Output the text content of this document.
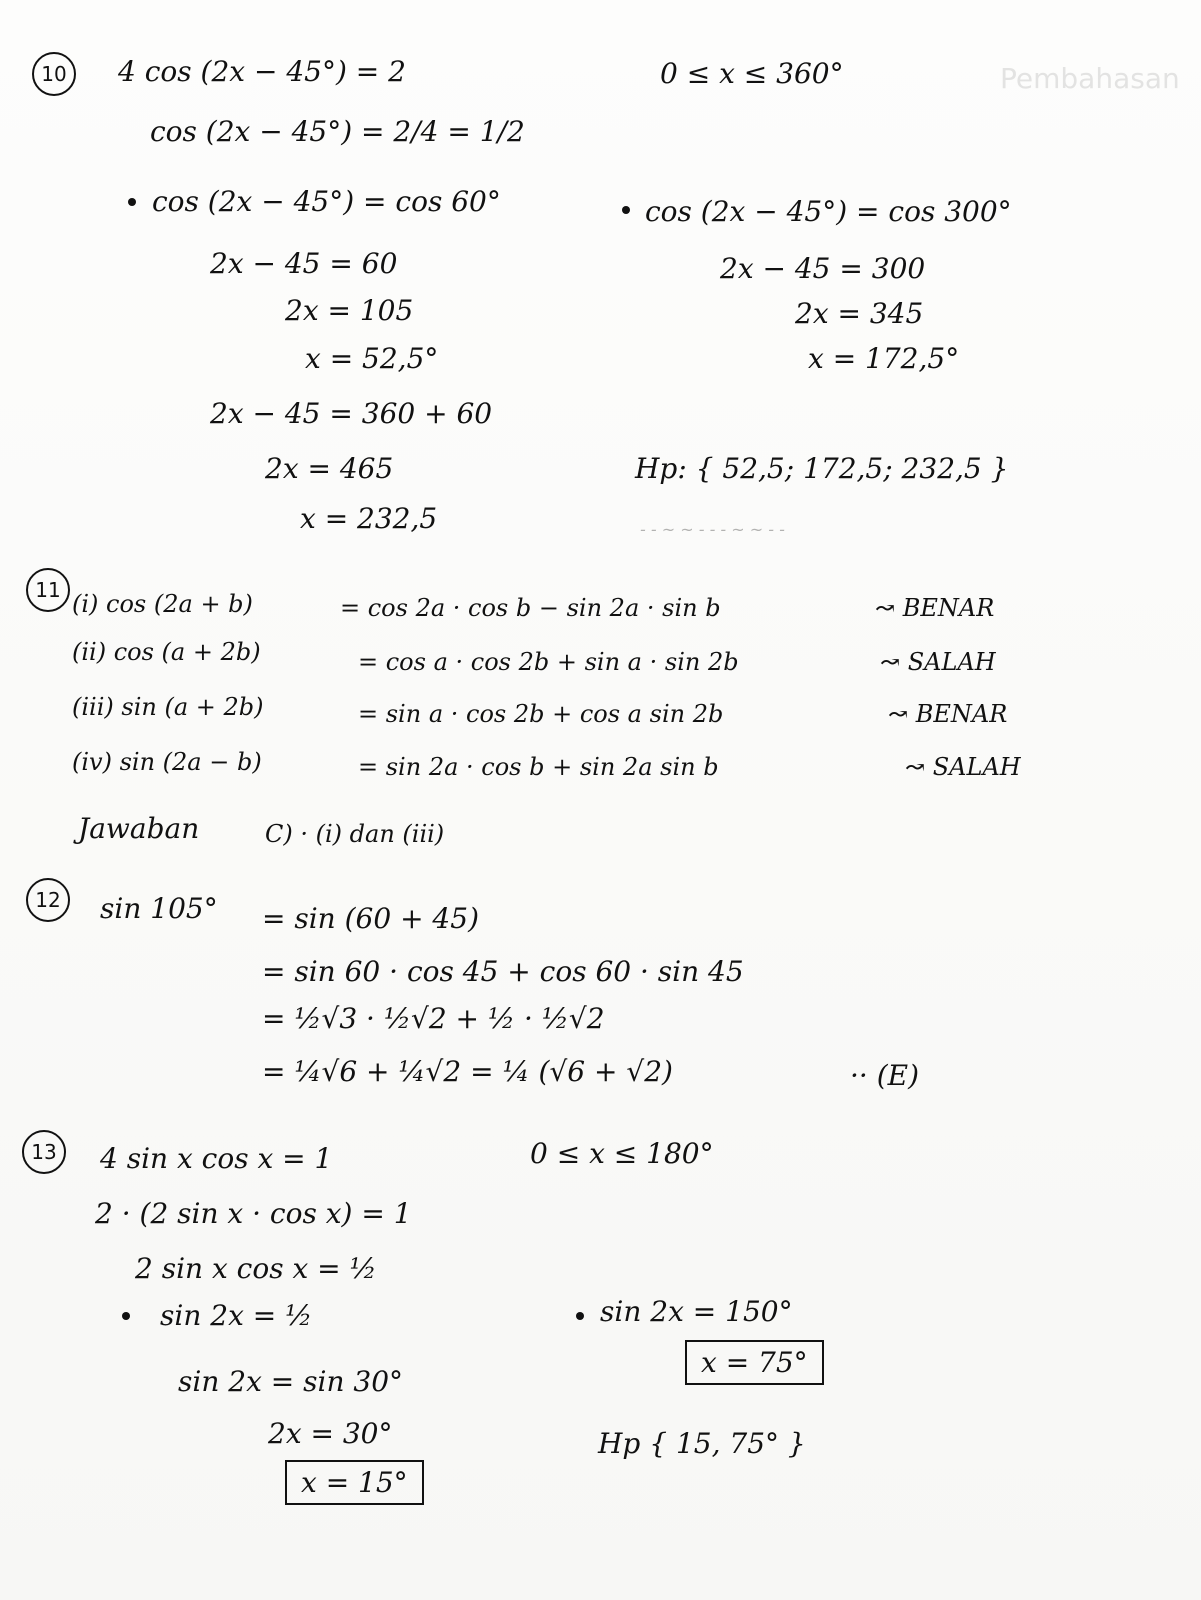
Pembahasan
10 4 cos (2x − 45°) = 2	0 ≤ x ≤ 360°
cos (2x − 45°) = 2/4 = 1/2
cos (2x − 45°) = cos 60°
2x − 45 = 60
2x = 105
x = 52,5°
cos (2x − 45°) = cos 300°
2x − 45 = 300
2x = 345
x = 172,5°
2x − 45 = 360 + 60
2x = 465
x = 232,5
Hp: { 52,5; 172,5; 232,5 }
- - ~ ~ - - - ~ ~ - -
11 (i) cos (2a + b)	= cos 2a · cos b − sin 2a · sin b	↝ BENAR
(ii) cos (a + 2b)	= cos a · cos 2b + sin a · sin 2b	↝ SALAH
(iii) sin (a + 2b)	= sin a · cos 2b + cos a sin 2b	↝ BENAR
(iv) sin (2a − b)	= sin 2a · cos b + sin 2a sin b	↝ SALAH
Jawaban	C) · (i) dan (iii)
12 sin 105° = sin (60 + 45)
= sin 60 · cos 45 + cos 60 · sin 45
= ½√3 · ½√2 + ½ · ½√2
= ¼√6 + ¼√2 = ¼ (√6 + √2)	·· (E)
13 4 sin x cos x = 1	0 ≤ x ≤ 180°
2 · (2 sin x · cos x) = 1
2 sin x cos x = ½
sin 2x = ½
sin 2x = sin 30°
2x = 30°
x = 15°
sin 2x = 150°
x = 75°
Hp { 15, 75° }
